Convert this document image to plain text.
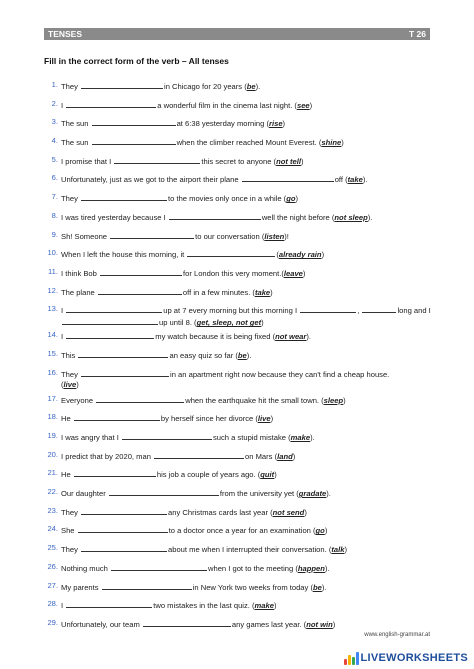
TENSES	T 26
Fill in the correct form of the verb – All tenses
1. They	in Chicago for 20 years (be).
2. I	a wonderful film in the cinema last night. (see)
3. The sun	at 6:38 yesterday morning (rise)
4. The sun	when the climber reached Mount Everest. (shine)
5. I promise that I	this secret to anyone (not tell)
6. Unfortunately, just as we got to the airport their plane	off (take).
7. They	to the movies only once in a while (go)
8. I was tired yesterday because I	well the night before (not sleep).
9. Sh! Someone	to our conversation (listen)!
10. When I left the house this morning, it	(already rain)
11. I think Bob	for London this very moment.(leave)
12. The plane	off in a few minutes. (take)
13. I	up at 7 every morning but this morning I	,	long and I
up until 8. (get, sleep, not get)
14. I	my watch because it is being fixed (not wear).
15. This	an easy quiz so far (be).
16. They	in an apartment right now because they can't find a cheap house.
(live)
17. Everyone	when the earthquake hit the small town. (sleep)
18. He	by herself since her divorce (live)
19. I was angry that I	such a stupid mistake (make).
20. I predict that by 2020, man	on Mars (land)
21. He	his job a couple of years ago. (quit)
22. Our daughter	from the university yet (gradate).
23. They	any Christmas cards last year (not send)
24. She	to a doctor once a year for an examination (go)
25. They	about me when I interrupted their conversation. (talk)
26. Nothing much	when I got to the meeting (happen).
27. My parents	in New York two weeks from today (be).
28. I	two mistakes in the last quiz. (make)
29. Unfortunately, our team	any games last year. (not win)
www.english-grammar.at
LIVEWORKSHEETS
